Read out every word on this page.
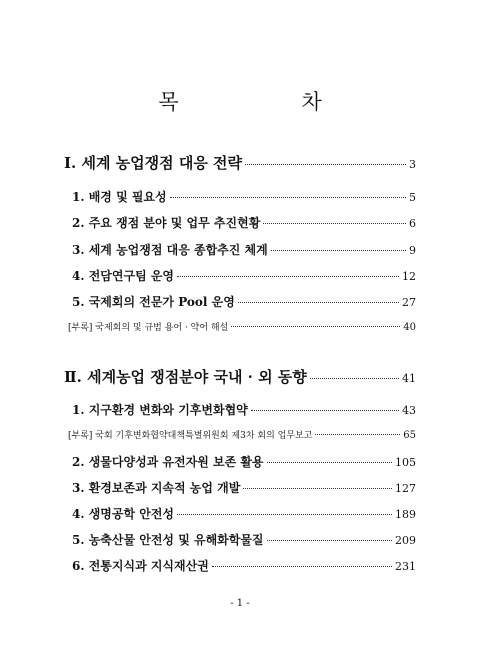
목 차
Ⅰ. 세계 농업쟁점 대응 전략	3
1. 배경 및 필요성	5
2. 주요 쟁점 분야 및 업무 추진현황	6
3. 세계 농업쟁점 대응 종합추진 체계	9
4. 전담연구팀 운영	12
5. 국제회의 전문가 Pool 운영	27
[부록] 국제회의 및 규범 용어 · 약어 해설	40
Ⅱ. 세계농업 쟁점분야 국내 · 외 동향	41
1. 지구환경 변화와 기후변화협약	43
[부록] 국회 기후변화협약대책특별위원회 제3차 회의 업무보고	65
2. 생물다양성과 유전자원 보존 활용	105
3. 환경보존과 지속적 농업 개발	127
4. 생명공학 안전성	189
5. 농축산물 안전성 및 유해화학물질	209
6. 전통지식과 지식재산권	231
- 1 -
